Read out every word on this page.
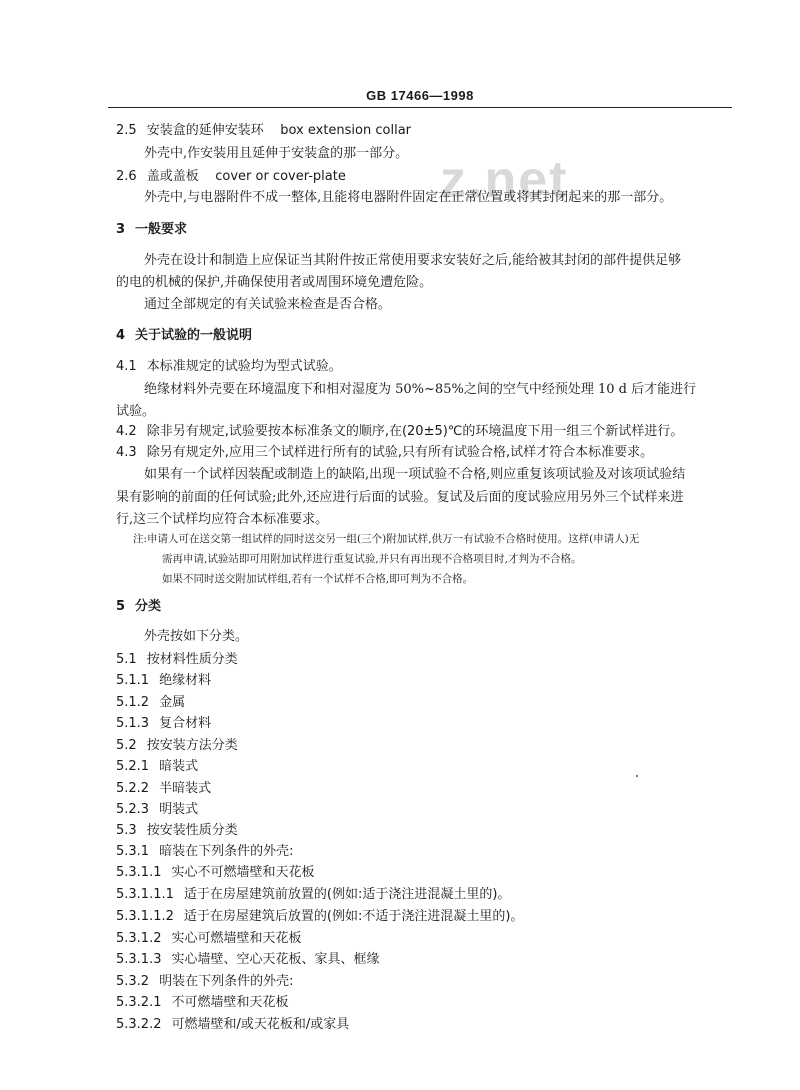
GB 17466—1998
z.net
2.5 安装盒的延伸安装环 box extension collar
外壳中,作安装用且延伸于安装盒的那一部分。
2.6 盖或盖板 cover or cover-plate
外壳中,与电器附件不成一整体,且能将电器附件固定在正常位置或将其封闭起来的那一部分。
3 一般要求
外壳在设计和制造上应保证当其附件按正常使用要求安装好之后,能给被其封闭的部件提供足够
的电的机械的保护,并确保使用者或周围环境免遭危险。
通过全部规定的有关试验来检查是否合格。
4 关于试验的一般说明
4.1 本标准规定的试验均为型式试验。
绝缘材料外壳要在环境温度下和相对湿度为 50%~85%之间的空气中经预处理 10 d 后才能进行
试验。
4.2 除非另有规定,试验要按本标准条文的顺序,在(20±5)℃的环境温度下用一组三个新试样进行。
4.3 除另有规定外,应用三个试样进行所有的试验,只有所有试验合格,试样才符合本标准要求。
如果有一个试样因装配或制造上的缺陷,出现一项试验不合格,则应重复该项试验及对该项试验结
果有影响的前面的任何试验;此外,还应进行后面的试验。复试及后面的度试验应用另外三个试样来进
行,这三个试样均应符合本标准要求。
注:申请人可在送交第一组试样的同时送交另一组(三个)附加试样,供万一有试验不合格时使用。这样(申请人)无
需再申请,试验站即可用附加试样进行重复试验,并只有再出现不合格项目时,才判为不合格。
如果不同时送交附加试样组,若有一个试样不合格,即可判为不合格。
5 分类
外壳按如下分类。
5.1 按材料性质分类
5.1.1 绝缘材料
5.1.2 金属
5.1.3 复合材料
5.2 按安装方法分类
5.2.1 暗装式
5.2.2 半暗装式
5.2.3 明装式
5.3 按安装性质分类
5.3.1 暗装在下列条件的外壳:
5.3.1.1 实心不可燃墙壁和天花板
5.3.1.1.1 适于在房屋建筑前放置的(例如:适于浇注进混凝土里的)。
5.3.1.1.2 适于在房屋建筑后放置的(例如:不适于浇注进混凝土里的)。
5.3.1.2 实心可燃墙壁和天花板
5.3.1.3 实心墙壁、空心天花板、家具、框缘
5.3.2 明装在下列条件的外壳:
5.3.2.1 不可燃墙壁和天花板
5.3.2.2 可燃墙壁和/或天花板和/或家具
